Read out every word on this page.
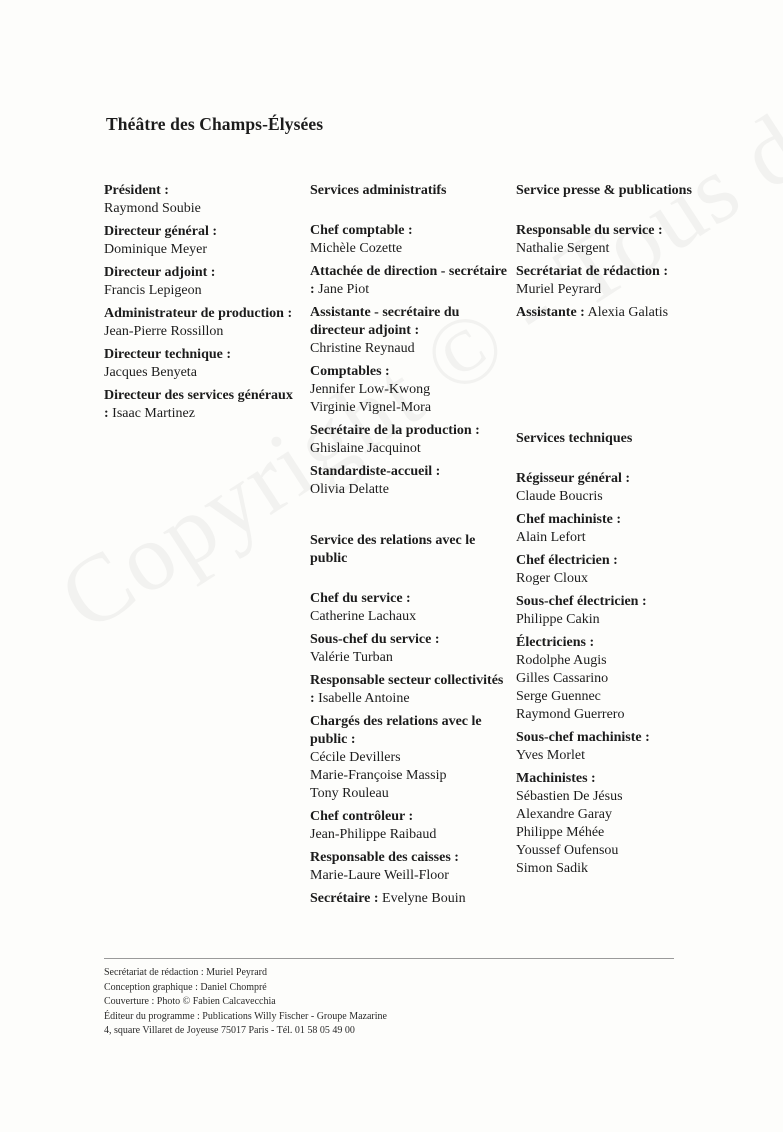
Théâtre des Champs-Élysées
Président :
Raymond Soubie
Directeur général :
Dominique Meyer
Directeur adjoint :
Francis Lepigeon
Administrateur de production :
Jean-Pierre Rossillon
Directeur technique :
Jacques Benyeta
Directeur des services généraux : Isaac Martinez
Services administratifs
Chef comptable :
Michèle Cozette
Attachée de direction - secrétaire : Jane Piot
Assistante - secrétaire du directeur adjoint :
Christine Reynaud
Comptables :
Jennifer Low-Kwong
Virginie Vignel-Mora
Secrétaire de la production :
Ghislaine Jacquinot
Standardiste-accueil :
Olivia Delatte
Service des relations avec le public
Chef du service :
Catherine Lachaux
Sous-chef du service :
Valérie Turban
Responsable secteur collectivités : Isabelle Antoine
Chargés des relations avec le public :
Cécile Devillers
Marie-Françoise Massip
Tony Rouleau
Chef contrôleur :
Jean-Philippe Raibaud
Responsable des caisses :
Marie-Laure Weill-Floor
Secrétaire : Evelyne Bouin
Service presse & publications
Responsable du service :
Nathalie Sergent
Secrétariat de rédaction :
Muriel Peyrard
Assistante : Alexia Galatis
Services techniques
Régisseur général :
Claude Boucris
Chef machiniste :
Alain Lefort
Chef électricien :
Roger Cloux
Sous-chef électricien :
Philippe Cakin
Électriciens :
Rodolphe Augis
Gilles Cassarino
Serge Guennec
Raymond Guerrero
Sous-chef machiniste :
Yves Morlet
Machinistes :
Sébastien De Jésus
Alexandre Garay
Philippe Méhée
Youssef Oufensou
Simon Sadik
Secrétariat de rédaction : Muriel Peyrard
Conception graphique : Daniel Chompré
Couverture : Photo © Fabien Calcavecchia
Éditeur du programme : Publications Willy Fischer - Groupe Mazarine
4, square Villaret de Joyeuse 75017 Paris - Tél. 01 58 05 49 00
